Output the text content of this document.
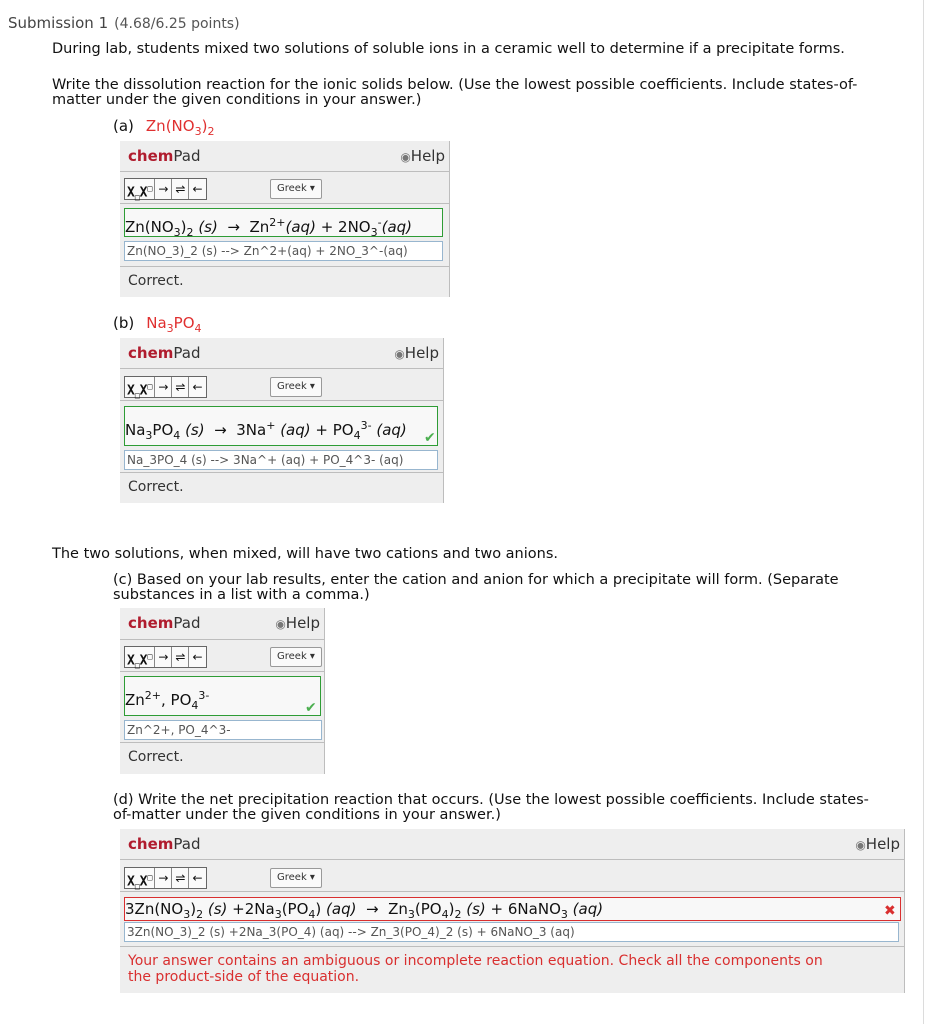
Submission 1 (4.68/6.25 points)
During lab, students mixed two solutions of soluble ions in a ceramic well to determine if a precipitate forms.
Write the dissolution reaction for the ionic solids below. (Use the lowest possible coefficients. Include states-of-
matter under the given conditions in your answer.)
(a) $Zn(NO_3)_2$
chemPad	◉Help
$X_□X^□$ → ⇌ ←	Greek ▾
$Zn(NO_3)_2$ $(s) \to Zn^{2+}(aq) + 2NO_3^-(aq)$
Zn(NO_3)_2 (s) --> Zn^2+(aq) + 2NO_3^-(aq)
Correct.
(b) $Na_3PO_4$
chemPad	◉Help
$X_□X^□$ → ⇌ ←	Greek ▾
$Na_3PO_4$ (s)  →  3Na+ $(aq) + PO_4^{3-}$ (aq)	✔
Na_3PO_4 (s) --> 3Na^+ (aq) + PO_4^3- (aq)
Correct.
The two solutions, when mixed, will have two cations and two anions.
(c) Based on your lab results, enter the cation and anion for which a precipitate will form. (Separate
substances in a list with a comma.)
chemPad	◉Help
$X_□X^□$ → ⇌ ←	Greek ▾
$Zn^{2+}$, $PO_4^{3-}$
✔
Zn^2+, PO_4^3-
Correct.
(d) Write the net precipitation reaction that occurs. (Use the lowest possible coefficients. Include states-
of-matter under the given conditions in your answer.)
chemPad	◉Help
$X_□X^□$ → ⇌ ←	Greek ▾
$3Zn(NO_3)_2$ $(s) +2Na_3(PO_4) (aq) \to Zn_3(PO_4)_2$ (s) + 6NaNO$_3$ (aq)	✖
3Zn(NO_3)_2 (s) +2Na_3(PO_4) (aq) --> Zn_3(PO_4)_2 (s) + 6NaNO_3 (aq)
Your answer contains an ambiguous or incomplete reaction equation. Check all the components on
the product-side of the equation.
